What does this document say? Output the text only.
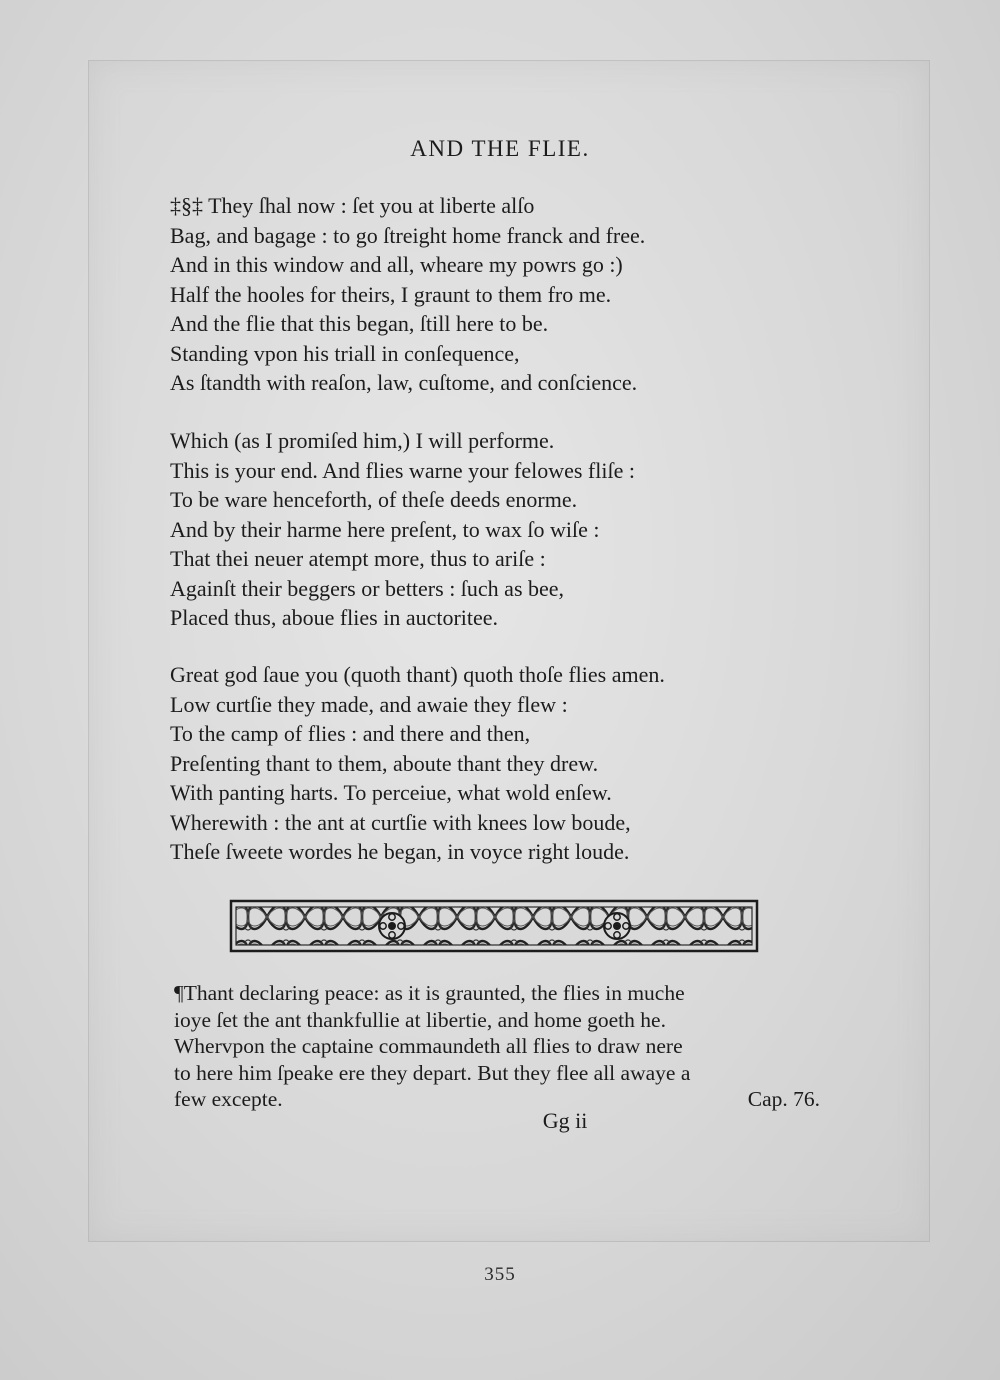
AND THE FLIE.
‡§‡ They ſhal now : ſet you at liberte alſo
Bag, and bagage : to go ſtreight home franck and free.
And in this window and all, wheare my powrs go :)
Half the hooles for theirs, I graunt to them fro me.
And the flie that this began, ſtill here to be.
Standing vpon his triall in conſequence,
As ſtandth with reaſon, law, cuſtome, and conſcience.
Which (as I promiſed him,) I will performe.
This is your end. And flies warne your felowes fliſe :
To be ware henceforth, of theſe deeds enorme.
And by their harme here preſent, to wax ſo wiſe :
That thei neuer atempt more, thus to ariſe :
Againſt their beggers or betters : ſuch as bee,
Placed thus, aboue flies in auctoritee.
Great god ſaue you (quoth thant) quoth thoſe flies amen.
Low curtſie they made, and awaie they flew :
To the camp of flies : and there and then,
Preſenting thant to them, aboute thant they drew.
With panting harts. To perceiue, what wold enſew.
Wherewith : the ant at curtſie with knees low boude,
Theſe ſweete wordes he began, in voyce right loude.
¶Thant declaring peace: as it is graunted, the flies in muche
ioye ſet the ant thankfullie at libertie, and home goeth he.
Whervpon the captaine commaundeth all flies to draw nere
to here him ſpeake ere they depart. But they flee all awaye a
few excepte.	Cap. 76.
Gg ii
355
